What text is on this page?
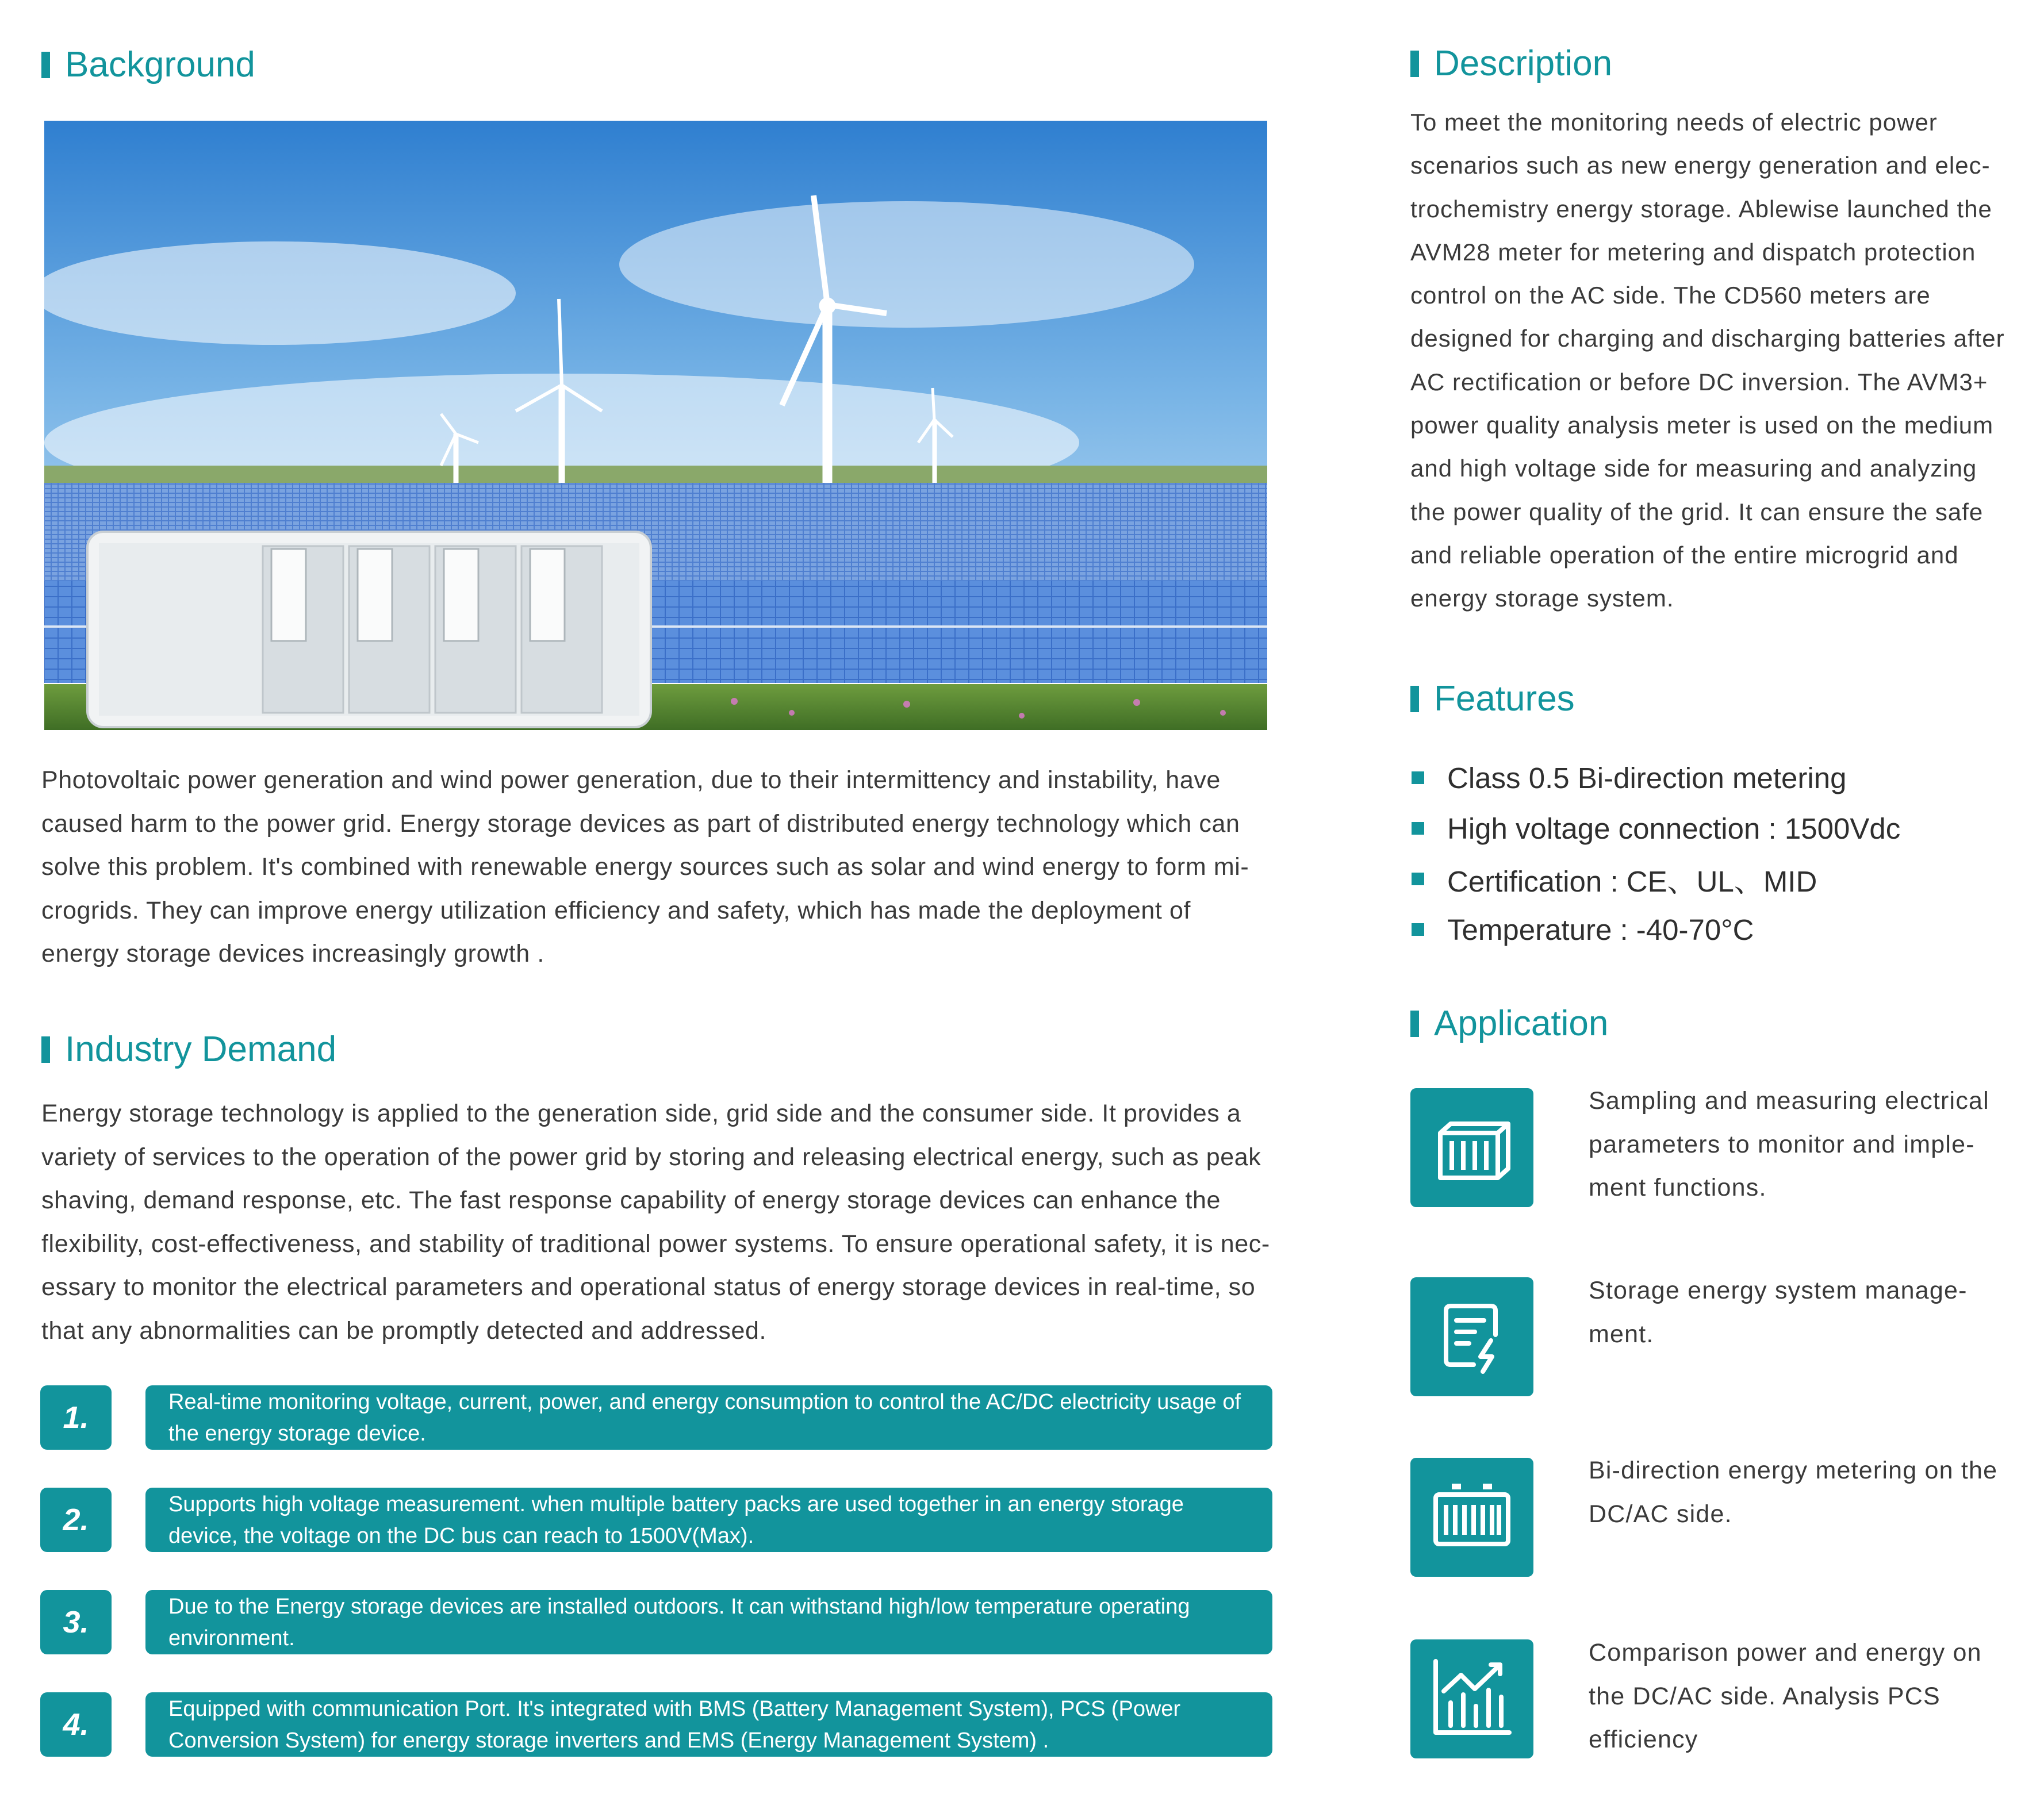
Background
Photovoltaic power generation and wind power generation, due to their intermittency and instability, have caused harm to the power grid. Energy storage devices as part of distributed energy technology which can solve this problem. It's combined with renewable energy sources such as solar and wind energy to form microgrids. They can improve energy utilization efficiency and safety, which has made the deployment of energy storage devices increasingly growth .
Industry Demand
Energy storage technology is applied to the generation side, grid side and the consumer side. It provides a variety of services to the operation of the power grid by storing and releasing electrical energy, such as peak shaving, demand response, etc. The fast response capability of energy storage devices can enhance the flexibility, cost-effectiveness, and stability of traditional power systems. To ensure operational safety, it is necessary to monitor the electrical parameters and operational status of energy storage devices in real-time, so that any abnormalities can be promptly detected and addressed.
1.	Real-time monitoring voltage, current, power, and energy consumption to control the AC/DC electricity usage of the energy storage device.
2.	Supports high voltage measurement. when multiple battery packs are used together in an energy storage device, the voltage on the DC bus can reach to 1500V(Max).
3.	Due to the Energy storage devices are installed outdoors. It can withstand high/low temperature operating environment.
4.	Equipped with communication Port. It's integrated with BMS (Battery Management System), PCS (Power Conversion System) for energy storage inverters and EMS (Energy Management System) .
Description
To meet the monitoring needs of electric power scenarios such as new energy generation and electrochemistry energy storage. Ablewise launched the AVM28 meter for metering and dispatch protection control on the AC side. The CD560 meters are designed for charging and discharging batteries after AC rectification or before DC inversion. The AVM3+ power quality analysis meter is used on the medium and high voltage side for measuring and analyzing the power quality of the grid. It can ensure the safe and reliable operation of the entire microgrid and energy storage system.
Features
Class 0.5 Bi-direction metering
High voltage connection : 1500Vdc
Certification : CE、UL、MID
Temperature : -40-70°C
Application
Sampling and measuring electrical parameters to monitor and implement functions.
Storage energy system management.
Bi-direction energy metering on the DC/AC side.
Comparison power and energy on the DC/AC side. Analysis PCS efficiency
